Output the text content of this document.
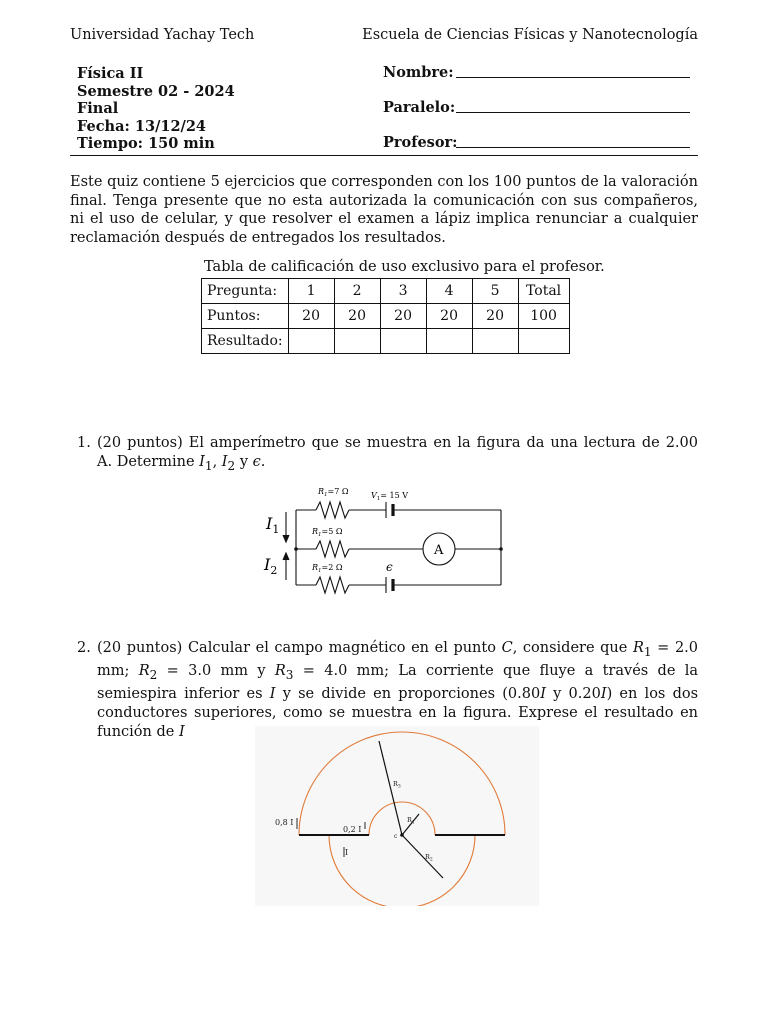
Universidad Yachay Tech	Escuela de Ciencias Físicas y Nanotecnología
Física II
Semestre 02 - 2024
Final
Fecha: 13/12/24
Tiempo: 150 min
Nombre:
Paralelo:
Profesor:
Este quiz contiene 5 ejercicios que corresponden con los 100 puntos de la valoración final. Tenga presente que no esta autorizada la comunicación con sus compañeros, ni el uso de celular, y que resolver el examen a lápiz implica renunciar a cualquier reclamación después de entregados los resultados.
Tabla de calificación de uso exclusivo para el profesor.
Pregunta:	1	2	3	4	5	Total
Puntos:	20	20	20	20	20	100
Resultado:						
1. (20 puntos) El amperímetro que se muestra en la figura da una lectura de 2.00 A. Determine $I_1$, $I_2$ y ϵ.
$R_1=7$ Ω	$V_1= 15$ V
$R_1=5$ Ω
$R_1=2$ Ω	ϵ
A
$I_1$
$I_2$
2. (20 puntos) Calcular el campo magnético en el punto C, considere que $R_1 = 2.0$ mm; $R_2 = 3.0$ mm y $R_3 = 4.0$ mm; La corriente que fluye a través de la semiespira inferior es I y se divide en proporciones (0.80I y 0.20I) en los dos conductores superiores, como se muestra en la figura. Exprese el resultado en función de I
0,8 I
0,2 I
I
c
$R_1$
$R_2$
$R_3$
